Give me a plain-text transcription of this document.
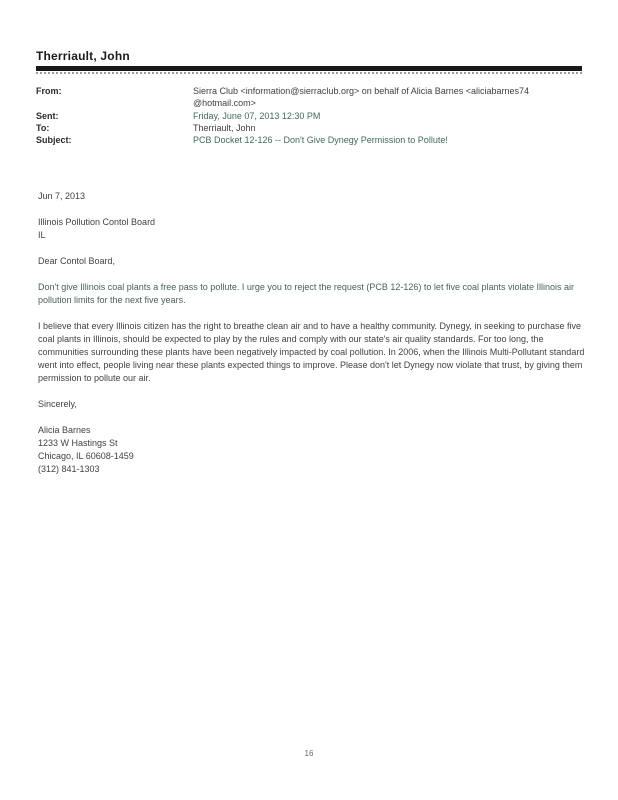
Therriault, John
From:	Sierra Club <information@sierraclub.org> on behalf of Alicia Barnes <aliciabarnes74
@hotmail.com>
Sent:	Friday, June 07, 2013 12:30 PM
To:	Therriault, John
Subject:	PCB Docket 12-126 -- Don't Give Dynegy Permission to Pollute!
Jun 7, 2013
Illinois Pollution Contol Board
IL
Dear Contol Board,
Don't give Illinois coal plants a free pass to pollute. I urge you to reject the request (PCB 12-126) to let five coal plants violate Illinois air pollution limits for the next five years.
I believe that every Illinois citizen has the right to breathe clean air and to have a healthy community. Dynegy, in seeking to purchase five coal plants in Illinois, should be expected to play by the rules and comply with our state's air quality standards. For too long, the communities surrounding these plants have been negatively impacted by coal pollution. In 2006, when the Illinois Multi-Pollutant standard went into effect, people living near these plants expected things to improve. Please don't let Dynegy now violate that trust, by giving them permission to pollute our air.
Sincerely,
Alicia Barnes
1233 W Hastings St
Chicago, IL 60608-1459
(312) 841-1303
16
